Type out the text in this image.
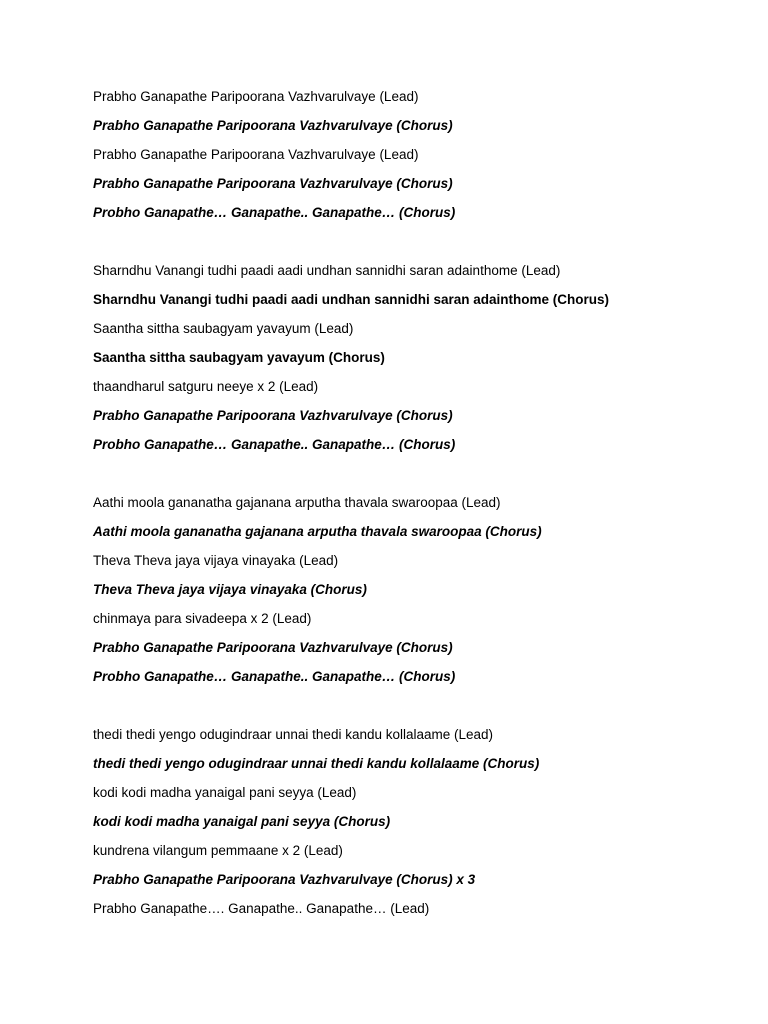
Prabho Ganapathe Paripoorana Vazhvarulvaye (Lead)
Prabho Ganapathe Paripoorana Vazhvarulvaye (Chorus)
Prabho Ganapathe Paripoorana Vazhvarulvaye (Lead)
Prabho Ganapathe Paripoorana Vazhvarulvaye (Chorus)
Probho Ganapathe… Ganapathe.. Ganapathe… (Chorus)
Sharndhu Vanangi tudhi paadi aadi undhan sannidhi saran adainthome (Lead)
Sharndhu Vanangi tudhi paadi aadi undhan sannidhi saran adainthome (Chorus)
Saantha sittha saubagyam yavayum (Lead)
Saantha sittha saubagyam yavayum (Chorus)
thaandharul satguru neeye x 2 (Lead)
Prabho Ganapathe Paripoorana Vazhvarulvaye (Chorus)
Probho Ganapathe… Ganapathe.. Ganapathe… (Chorus)
Aathi moola gananatha gajanana arputha thavala swaroopaa (Lead)
Aathi moola gananatha gajanana arputha thavala swaroopaa (Chorus)
Theva Theva jaya vijaya vinayaka (Lead)
Theva Theva jaya vijaya vinayaka (Chorus)
chinmaya para sivadeepa x 2 (Lead)
Prabho Ganapathe Paripoorana Vazhvarulvaye (Chorus)
Probho Ganapathe… Ganapathe.. Ganapathe… (Chorus)
thedi thedi yengo odugindraar unnai thedi kandu kollalaame (Lead)
thedi thedi yengo odugindraar unnai thedi kandu kollalaame (Chorus)
kodi kodi madha yanaigal pani seyya (Lead)
kodi kodi madha yanaigal pani seyya (Chorus)
kundrena vilangum pemmaane x 2 (Lead)
Prabho Ganapathe Paripoorana Vazhvarulvaye (Chorus) x 3
Prabho Ganapathe…. Ganapathe.. Ganapathe… (Lead)
